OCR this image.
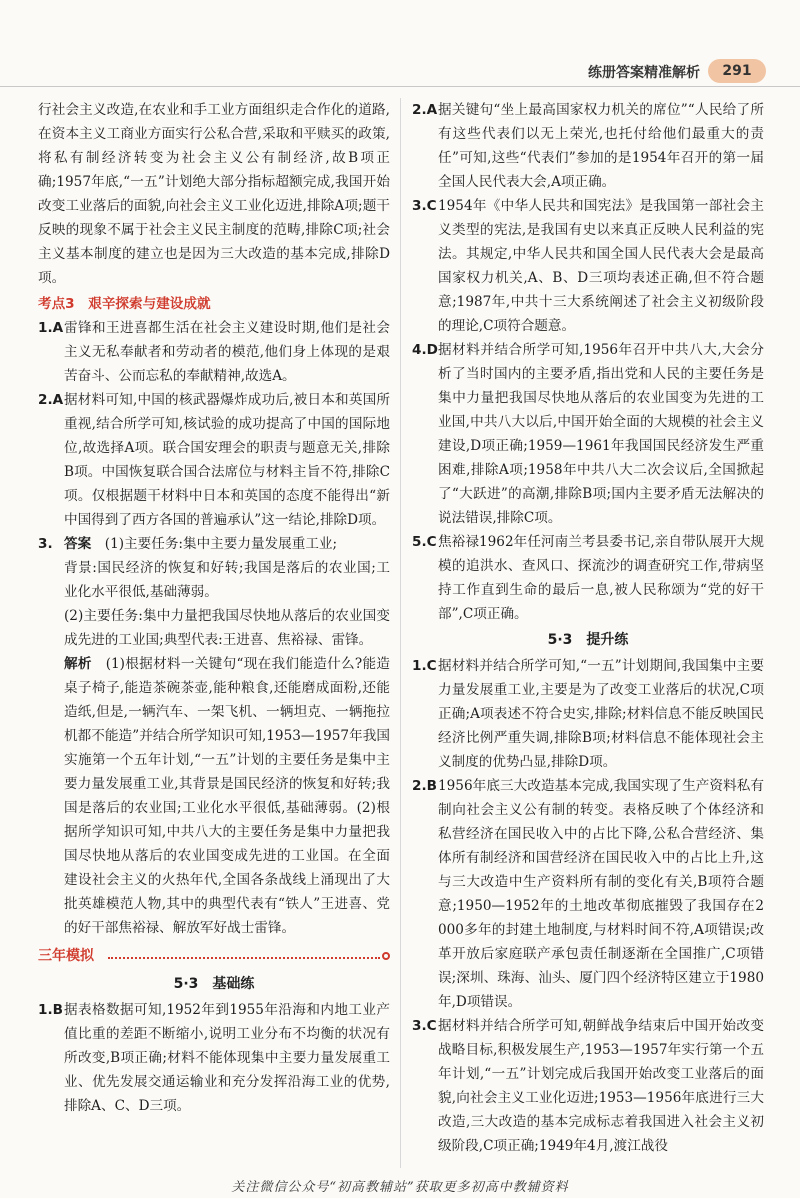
练册答案精准解析	291

行社会主义改造,在农业和手工业方面组织走合作化的道路,在资本主义工商业方面实行公私合营,采取和平赎买的政策,将私有制经济转变为社会主义公有制经济,故B项正确;1957年底,“一五”计划绝大部分指标超额完成,我国开始改变工业落后的面貌,向社会主义工业化迈进,排除A项;题干反映的现象不属于社会主义民主制度的范畴,排除C项;社会主义基本制度的建立也是因为三大改造的基本完成,排除D项。

考点3　艰辛探索与建设成就

1.A 雷锋和王进喜都生活在社会主义建设时期,他们是社会主义无私奉献者和劳动者的模范,他们身上体现的是艰苦奋斗、公而忘私的奉献精神,故选A。

2.A 据材料可知,中国的核武器爆炸成功后,被日本和英国所重视,结合所学可知,核试验的成功提高了中国的国际地位,故选择A项。联合国安理会的职责与题意无关,排除B项。中国恢复联合国合法席位与材料主旨不符,排除C项。仅根据题干材料中日本和英国的态度不能得出“新中国得到了西方各国的普遍承认”这一结论,排除D项。

3. 答案　 (1)主要任务:集中主要力量发展重工业;

背景:国民经济的恢复和好转;我国是落后的农业国;工业化水平很低,基础薄弱。

(2)主要任务:集中力量把我国尽快地从落后的农业国变成先进的工业国;典型代表:王进喜、焦裕禄、雷锋。

解析　 (1)根据材料一关键句“现在我们能造什么?能造桌子椅子,能造茶碗茶壶,能种粮食,还能磨成面粉,还能造纸,但是,一辆汽车、一架飞机、一辆坦克、一辆拖拉机都不能造”并结合所学知识可知,1953—1957年我国实施第一个五年计划,“一五”计划的主要任务是集中主要力量发展重工业,其背景是国民经济的恢复和好转;我国是落后的农业国;工业化水平很低,基础薄弱。(2)根据所学知识可知,中共八大的主要任务是集中力量把我国尽快地从落后的农业国变成先进的工业国。在全面建设社会主义的火热年代,全国各条战线上涌现出了大批英雄模范人物,其中的典型代表有“铁人”王进喜、党的好干部焦裕禄、解放军好战士雷锋。

三年模拟

5·3　基础练

1.B 据表格数据可知,1952年到1955年沿海和内地工业产值比重的差距不断缩小,说明工业分布不均衡的状况有所改变,B项正确;材料不能体现集中主要力量发展重工业、优先发展交通运输业和充分发挥沿海工业的优势,排除A、C、D三项。

2.A 据关键句“坐上最高国家权力机关的席位”“人民给了所有这些代表们以无上荣光,也托付给他们最重大的责任”可知,这些“代表们”参加的是1954年召开的第一届全国人民代表大会,A项正确。

3.C 1954年《中华人民共和国宪法》是我国第一部社会主义类型的宪法,是我国有史以来真正反映人民利益的宪法。其规定,中华人民共和国全国人民代表大会是最高国家权力机关,A、B、D三项均表述正确,但不符合题意;1987年,中共十三大系统阐述了社会主义初级阶段的理论,C项符合题意。

4.D 据材料并结合所学可知,1956年召开中共八大,大会分析了当时国内的主要矛盾,指出党和人民的主要任务是集中力量把我国尽快地从落后的农业国变为先进的工业国,中共八大以后,中国开始全面的大规模的社会主义建设,D项正确;1959—1961年我国国民经济发生严重困难,排除A项;1958年中共八大二次会议后,全国掀起了“大跃进”的高潮,排除B项;国内主要矛盾无法解决的说法错误,排除C项。

5.C 焦裕禄1962年任河南兰考县委书记,亲自带队展开大规模的追洪水、查风口、探流沙的调查研究工作,带病坚持工作直到生命的最后一息,被人民称颂为“党的好干部”,C项正确。

5·3　提升练

1.C 据材料并结合所学可知,“一五”计划期间,我国集中主要力量发展重工业,主要是为了改变工业落后的状况,C项正确;A项表述不符合史实,排除;材料信息不能反映国民经济比例严重失调,排除B项;材料信息不能体现社会主义制度的优势凸显,排除D项。

2.B 1956年底三大改造基本完成,我国实现了生产资料私有制向社会主义公有制的转变。表格反映了个体经济和私营经济在国民收入中的占比下降,公私合营经济、集体所有制经济和国营经济在国民收入中的占比上升,这与三大改造中生产资料所有制的变化有关,B项符合题意;1950—1952年的土地改革彻底摧毁了我国存在2 000多年的封建土地制度,与材料时间不符,A项错误;改革开放后家庭联产承包责任制逐渐在全国推广,C项错误;深圳、珠海、汕头、厦门四个经济特区建立于1980年,D项错误。

3.C 据材料并结合所学可知,朝鲜战争结束后中国开始改变战略目标,积极发展生产,1953—1957年实行第一个五年计划,“一五”计划完成后我国开始改变工业落后的面貌,向社会主义工业化迈进;1953—1956年底进行三大改造,三大改造的基本完成标志着我国进入社会主义初级阶段,C项正确;1949年4月,渡江战役

关注微信公众号“初高教辅站”获取更多初高中教辅资料
